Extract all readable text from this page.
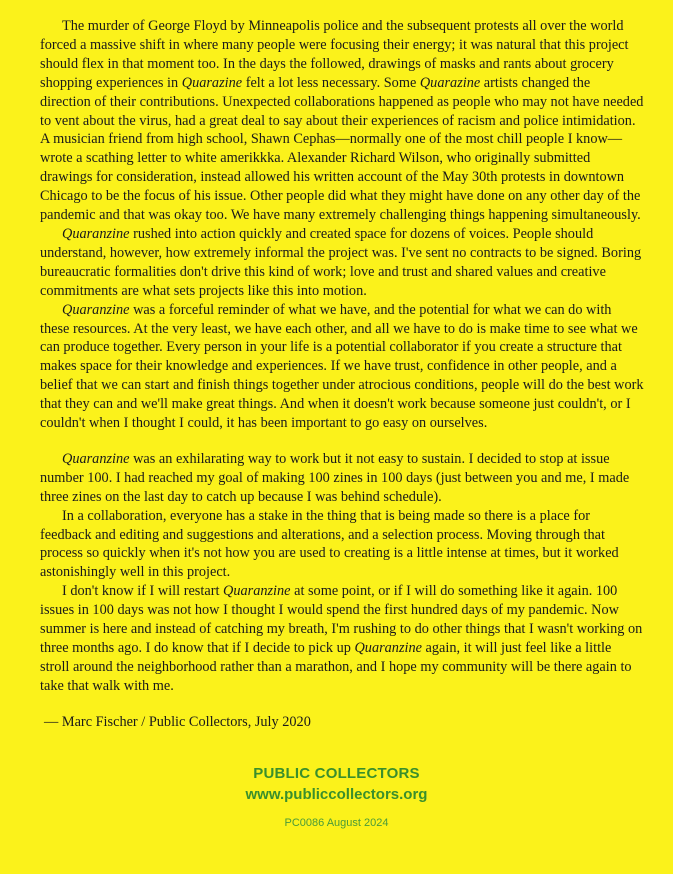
The murder of George Floyd by Minneapolis police and the subsequent protests all over the world forced a massive shift in where many people were focusing their energy; it was natural that this project should flex in that moment too. In the days the followed, drawings of masks and rants about grocery shopping experiences in Quarazine felt a lot less necessary. Some Quarazine artists changed the direction of their contributions. Unexpected collaborations happened as people who may not have needed to vent about the virus, had a great deal to say about their experiences of racism and police intimidation. A musician friend from high school, Shawn Cephas—normally one of the most chill people I know—wrote a scathing letter to white amerikkka. Alexander Richard Wilson, who originally submitted drawings for consideration, instead allowed his written account of the May 30th protests in downtown Chicago to be the focus of his issue. Other people did what they might have done on any other day of the pandemic and that was okay too. We have many extremely challenging things happening simultaneously.

Quaranzine rushed into action quickly and created space for dozens of voices. People should understand, however, how extremely informal the project was. I've sent no contracts to be signed. Boring bureaucratic formalities don't drive this kind of work; love and trust and shared values and creative commitments are what sets projects like this into motion.

Quaranzine was a forceful reminder of what we have, and the potential for what we can do with these resources. At the very least, we have each other, and all we have to do is make time to see what we can produce together. Every person in your life is a potential collaborator if you create a structure that makes space for their knowledge and experiences. If we have trust, confidence in other people, and a belief that we can start and finish things together under atrocious conditions, people will do the best work that they can and we'll make great things. And when it doesn't work because someone just couldn't, or I couldn't when I thought I could, it has been important to go easy on ourselves.

Quaranzine was an exhilarating way to work but it not easy to sustain. I decided to stop at issue number 100. I had reached my goal of making 100 zines in 100 days (just between you and me, I made three zines on the last day to catch up because I was behind schedule).

In a collaboration, everyone has a stake in the thing that is being made so there is a place for feedback and editing and suggestions and alterations, and a selection process. Moving through that process so quickly when it's not how you are used to creating is a little intense at times, but it worked astonishingly well in this project.

I don't know if I will restart Quaranzine at some point, or if I will do something like it again. 100 issues in 100 days was not how I thought I would spend the first hundred days of my pandemic. Now summer is here and instead of catching my breath, I'm rushing to do other things that I wasn't working on three months ago. I do know that if I decide to pick up Quaranzine again, it will just feel like a little stroll around the neighborhood rather than a marathon, and I hope my community will be there again to take that walk with me.

— Marc Fischer / Public Collectors, July 2020

PUBLIC COLLECTORS
www.publiccollectors.org
PC0086 August 2024
